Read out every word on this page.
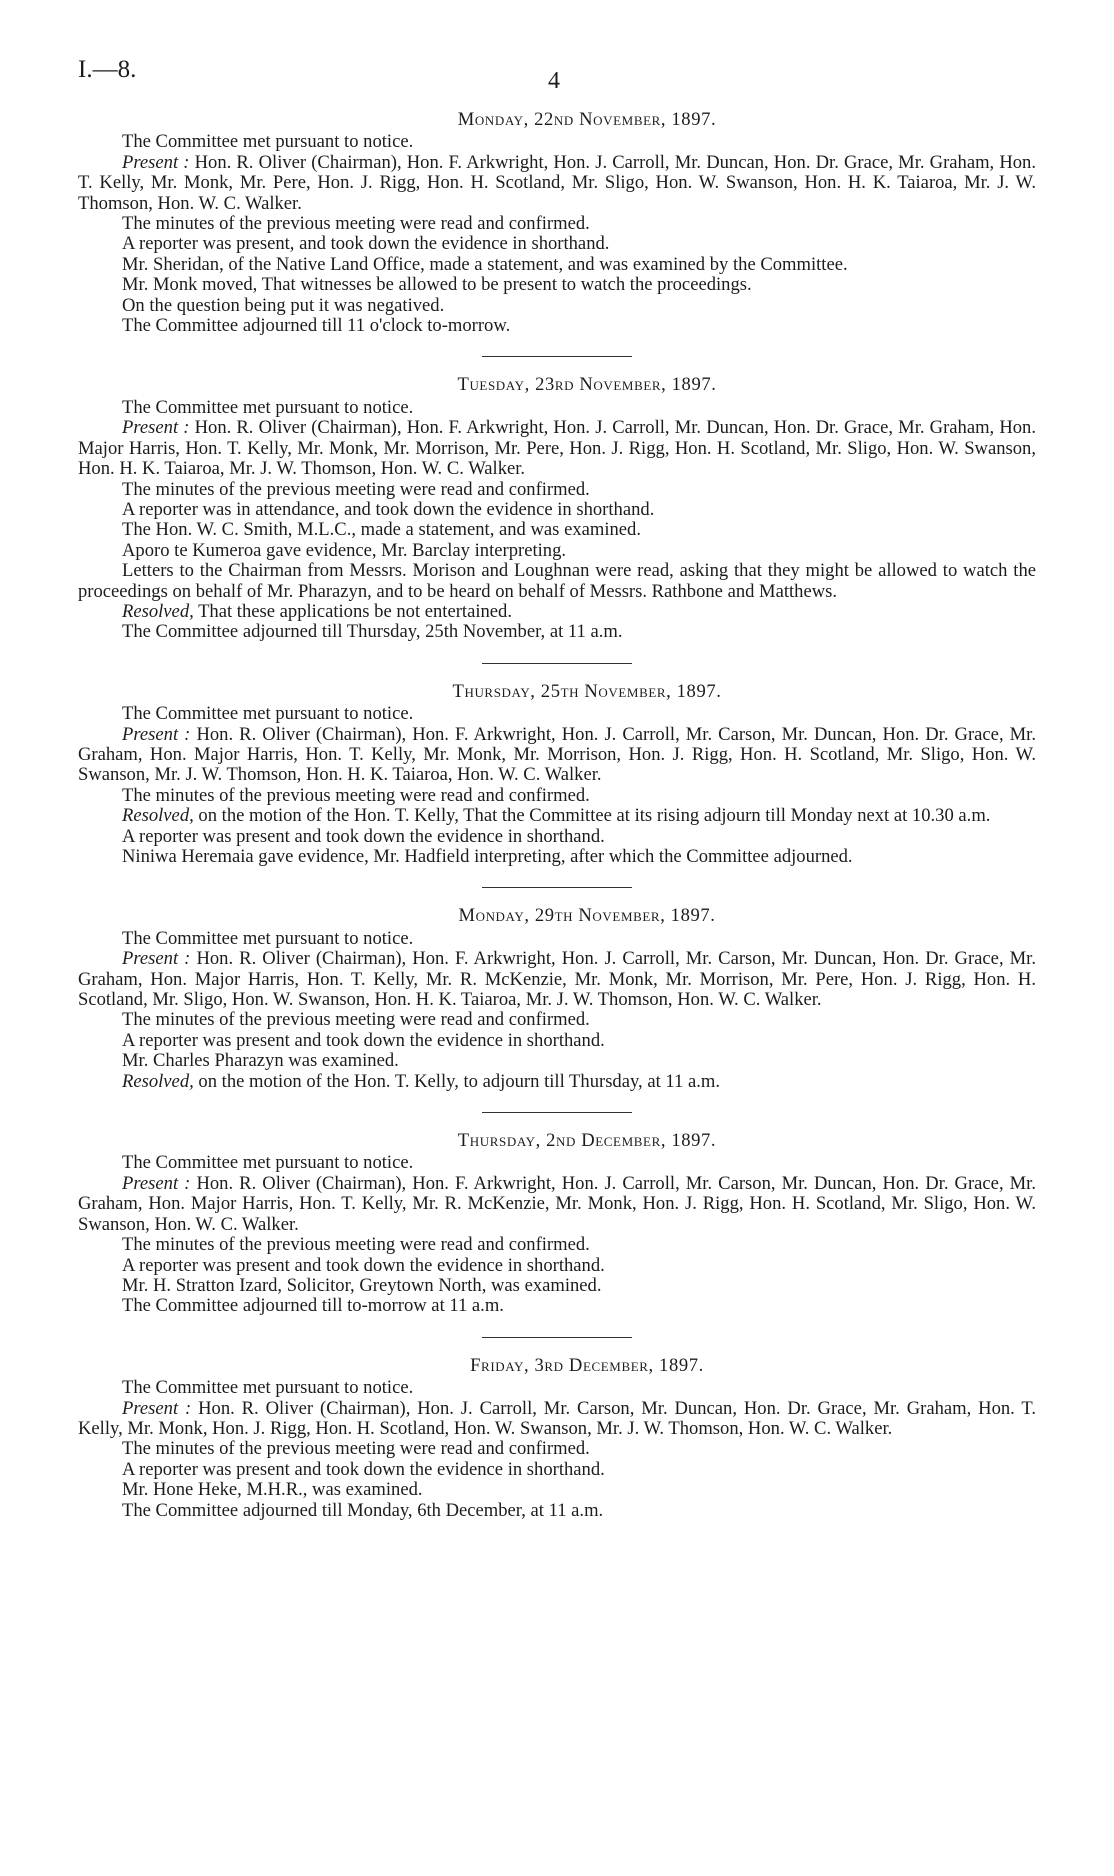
I.—8.	4
Monday, 22nd November, 1897.

The Committee met pursuant to notice.

Present : Hon. R. Oliver (Chairman), Hon. F. Arkwright, Hon. J. Carroll, Mr. Duncan, Hon. Dr. Grace, Mr. Graham, Hon. T. Kelly, Mr. Monk, Mr. Pere, Hon. J. Rigg, Hon. H. Scotland, Mr. Sligo, Hon. W. Swanson, Hon. H. K. Taiaroa, Mr. J. W. Thomson, Hon. W. C. Walker.

The minutes of the previous meeting were read and confirmed.

A reporter was present, and took down the evidence in shorthand.

Mr. Sheridan, of the Native Land Office, made a statement, and was examined by the Committee.

Mr. Monk moved, That witnesses be allowed to be present to watch the proceedings.

On the question being put it was negatived.

The Committee adjourned till 11 o'clock to-morrow.

Tuesday, 23rd November, 1897.

The Committee met pursuant to notice.

Present : Hon. R. Oliver (Chairman), Hon. F. Arkwright, Hon. J. Carroll, Mr. Duncan, Hon. Dr. Grace, Mr. Graham, Hon. Major Harris, Hon. T. Kelly, Mr. Monk, Mr. Morrison, Mr. Pere, Hon. J. Rigg, Hon. H. Scotland, Mr. Sligo, Hon. W. Swanson, Hon. H. K. Taiaroa, Mr. J. W. Thomson, Hon. W. C. Walker.

The minutes of the previous meeting were read and confirmed.

A reporter was in attendance, and took down the evidence in shorthand.

The Hon. W. C. Smith, M.L.C., made a statement, and was examined.

Aporo te Kumeroa gave evidence, Mr. Barclay interpreting.

Letters to the Chairman from Messrs. Morison and Loughnan were read, asking that they might be allowed to watch the proceedings on behalf of Mr. Pharazyn, and to be heard on behalf of Messrs. Rathbone and Matthews.

Resolved, That these applications be not entertained.

The Committee adjourned till Thursday, 25th November, at 11 a.m.

Thursday, 25th November, 1897.

The Committee met pursuant to notice.

Present : Hon. R. Oliver (Chairman), Hon. F. Arkwright, Hon. J. Carroll, Mr. Carson, Mr. Duncan, Hon. Dr. Grace, Mr. Graham, Hon. Major Harris, Hon. T. Kelly, Mr. Monk, Mr. Morrison, Hon. J. Rigg, Hon. H. Scotland, Mr. Sligo, Hon. W. Swanson, Mr. J. W. Thomson, Hon. H. K. Taiaroa, Hon. W. C. Walker.

The minutes of the previous meeting were read and confirmed.

Resolved, on the motion of the Hon. T. Kelly, That the Committee at its rising adjourn till Monday next at 10.30 a.m.

A reporter was present and took down the evidence in shorthand.

Niniwa Heremaia gave evidence, Mr. Hadfield interpreting, after which the Committee adjourned.

Monday, 29th November, 1897.

The Committee met pursuant to notice.

Present : Hon. R. Oliver (Chairman), Hon. F. Arkwright, Hon. J. Carroll, Mr. Carson, Mr. Duncan, Hon. Dr. Grace, Mr. Graham, Hon. Major Harris, Hon. T. Kelly, Mr. R. McKenzie, Mr. Monk, Mr. Morrison, Mr. Pere, Hon. J. Rigg, Hon. H. Scotland, Mr. Sligo, Hon. W. Swanson, Hon. H. K. Taiaroa, Mr. J. W. Thomson, Hon. W. C. Walker.

The minutes of the previous meeting were read and confirmed.

A reporter was present and took down the evidence in shorthand.

Mr. Charles Pharazyn was examined.

Resolved, on the motion of the Hon. T. Kelly, to adjourn till Thursday, at 11 a.m.

Thursday, 2nd December, 1897.

The Committee met pursuant to notice.

Present : Hon. R. Oliver (Chairman), Hon. F. Arkwright, Hon. J. Carroll, Mr. Carson, Mr. Duncan, Hon. Dr. Grace, Mr. Graham, Hon. Major Harris, Hon. T. Kelly, Mr. R. McKenzie, Mr. Monk, Hon. J. Rigg, Hon. H. Scotland, Mr. Sligo, Hon. W. Swanson, Hon. W. C. Walker.

The minutes of the previous meeting were read and confirmed.

A reporter was present and took down the evidence in shorthand.

Mr. H. Stratton Izard, Solicitor, Greytown North, was examined.

The Committee adjourned till to-morrow at 11 a.m.

Friday, 3rd December, 1897.

The Committee met pursuant to notice.

Present : Hon. R. Oliver (Chairman), Hon. J. Carroll, Mr. Carson, Mr. Duncan, Hon. Dr. Grace, Mr. Graham, Hon. T. Kelly, Mr. Monk, Hon. J. Rigg, Hon. H. Scotland, Hon. W. Swanson, Mr. J. W. Thomson, Hon. W. C. Walker.

The minutes of the previous meeting were read and confirmed.

A reporter was present and took down the evidence in shorthand.

Mr. Hone Heke, M.H.R., was examined.

The Committee adjourned till Monday, 6th December, at 11 a.m.
